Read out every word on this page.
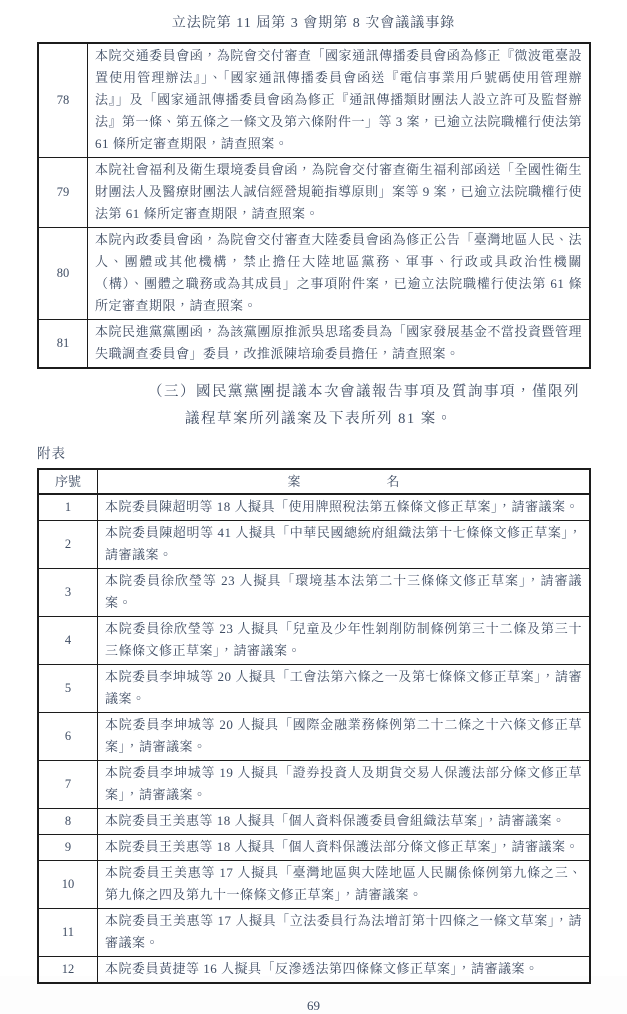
立法院第 11 屆第 3 會期第 8 次會議議事錄
78	本院交通委員會函，為院會交付審查「國家通訊傳播委員會函為修正『微波電臺設置使用管理辦法』」、「國家通訊傳播委員會函送『電信事業用戶號碼使用管理辦法』」及「國家通訊傳播委員會函為修正『通訊傳播類財團法人設立許可及監督辦法』第一條、第五條之一條文及第六條附件一」等 3 案，已逾立法院職權行使法第 61 條所定審查期限，請查照案。
79	本院社會福利及衛生環境委員會函，為院會交付審查衛生福利部函送「全國性衛生財團法人及醫療財團法人誠信經營規範指導原則」案等 9 案，已逾立法院職權行使法第 61 條所定審查期限，請查照案。
80	本院內政委員會函，為院會交付審查大陸委員會函為修正公告「臺灣地區人民、法人、團體或其他機構，禁止擔任大陸地區黨務、軍事、行政或具政治性機關（構）、團體之職務或為其成員」之事項附件案，已逾立法院職權行使法第 61 條所定審查期限，請查照案。
81	本院民進黨黨團函，為該黨團原推派吳思瑤委員為「國家發展基金不當投資暨管理失職調查委員會」委員，改推派陳培瑜委員擔任，請查照案。
（三）國民黨黨團提議本次會議報告事項及質詢事項，僅限列
議程草案所列議案及下表所列 81 案。
附表
序號	案 名

1	本院委員陳超明等 18 人擬具「使用牌照稅法第五條條文修正草案」，請審議案。
2	本院委員陳超明等 41 人擬具「中華民國總統府組織法第十七條條文修正草案」，請審議案。
3	本院委員徐欣瑩等 23 人擬具「環境基本法第二十三條條文修正草案」，請審議案。
4	本院委員徐欣瑩等 23 人擬具「兒童及少年性剝削防制條例第三十二條及第三十三條條文修正草案」，請審議案。
5	本院委員李坤城等 20 人擬具「工會法第六條之一及第七條條文修正草案」，請審議案。
6	本院委員李坤城等 20 人擬具「國際金融業務條例第二十二條之十六條文修正草案」，請審議案。
7	本院委員李坤城等 19 人擬具「證券投資人及期貨交易人保護法部分條文修正草案」，請審議案。
8	本院委員王美惠等 18 人擬具「個人資料保護委員會組織法草案」，請審議案。
9	本院委員王美惠等 18 人擬具「個人資料保護法部分條文修正草案」，請審議案。
10	本院委員王美惠等 17 人擬具「臺灣地區與大陸地區人民關係條例第九條之三、第九條之四及第九十一條條文修正草案」，請審議案。
11	本院委員王美惠等 17 人擬具「立法委員行為法增訂第十四條之一條文草案」，請審議案。
12	本院委員黃捷等 16 人擬具「反滲透法第四條條文修正草案」，請審議案。
69
